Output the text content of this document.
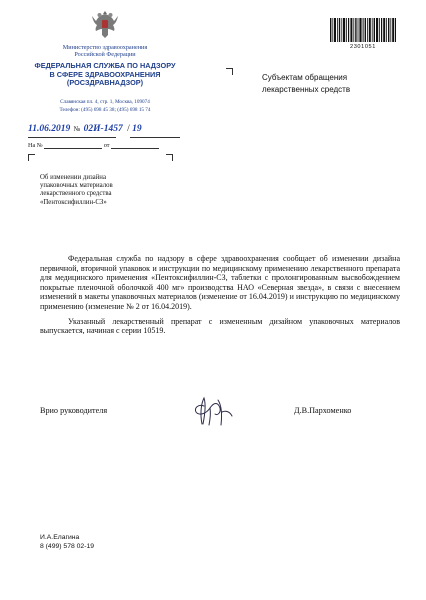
Министерство здравоохранения
Российской Федерации
ФЕДЕРАЛЬНАЯ СЛУЖБА ПО НАДЗОРУ
В СФЕРЕ ЗДРАВООХРАНЕНИЯ
(РОСЗДРАВНАДЗОР)
Славянская пл. 4, стр. 1, Москва, 109074
Телефон: (495) 698 45 38; (495) 698 15 74
11.06.2019 № 02И-1457 / 19
На №	от
2301051
Субъектам обращения
лекарственных средств
Об изменении дизайна
упаковочных материалов
лекарственного средства
«Пентоксифиллин-СЗ»

Федеральная служба по надзору в сфере здравоохранения сообщает об изменении дизайна первичной, вторичной упаковок и инструкции по медицинскому применению лекарственного препарата для медицинского применения «Пентоксифиллин-СЗ, таблетки с пролонгированным высвобождением покрытые пленочной оболочкой 400 мг» производства НАО «Северная звезда», в связи с внесением изменений в макеты упаковочных материалов (изменение от 16.04.2019) и инструкцию по медицинскому применению (изменение № 2 от 16.04.2019).

Указанный лекарственный препарат с измененным дизайном упаковочных материалов выпускается, начиная с серии 10519.

Врио руководителя	Д.В.Пархоменко
И.А.Елагина
8 (499) 578 02-19
